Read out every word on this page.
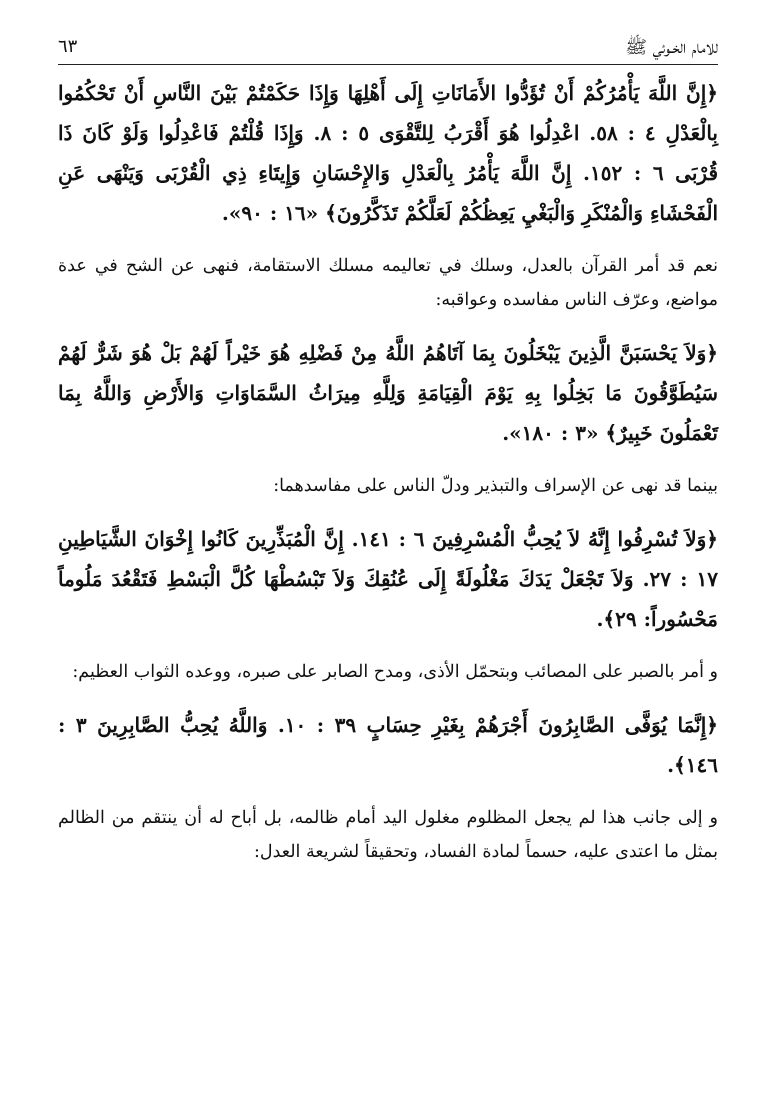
للامام الخـوئي ﷺ
٦٣

﴿إِنَّ اللَّهَ يَأْمُرُكُمْ أَنْ تُؤَدُّوا الأَمَانَاتِ إِلَى أَهْلِهَا وَإِذَا حَكَمْتُمْ بَيْنَ النَّاسِ أَنْ تَحْكُمُوا بِالْعَدْلِ ٤ : ٥٨. اعْدِلُوا هُوَ أَقْرَبُ لِلتَّقْوَى ٥ : ٨. وَإِذَا قُلْتُمْ فَاعْدِلُوا وَلَوْ كَانَ ذَا قُرْبَى ٦ : ١٥٢. إِنَّ اللَّهَ يَأْمُرُ بِالْعَدْلِ وَالإِحْسَانِ وَإِيتَاءِ ذِي الْقُرْبَى وَيَنْهَى عَنِ الْفَحْشَاءِ وَالْمُنْكَرِ وَالْبَغْيِ يَعِظُكُمْ لَعَلَّكُمْ تَذَكَّرُونَ﴾ «١٦ : ٩٠».

نعم قد أمر القرآن بالعدل، وسلك في تعاليمه مسلك الاستقامة، فنهى عن الشح في عدة مواضع، وعرّف الناس مفاسده وعواقبه:

﴿وَلاَ يَحْسَبَنَّ الَّذِينَ يَبْخَلُونَ بِمَا آتَاهُمُ اللَّهُ مِنْ فَضْلِهِ هُوَ خَيْراً لَهُمْ بَلْ هُوَ شَرٌّ لَهُمْ سَيُطَوَّقُونَ مَا بَخِلُوا بِهِ يَوْمَ الْقِيَامَةِ وَلِلَّهِ مِيرَاثُ السَّمَاوَاتِ وَالأَرْضِ وَاللَّهُ بِمَا تَعْمَلُونَ خَبِيرٌ﴾ «٣ : ١٨٠».

بينما قد نهى عن الإسراف والتبذير ودلّ الناس على مفاسدهما:

﴿وَلاَ تُسْرِفُوا إِنَّهُ لاَ يُحِبُّ الْمُسْرِفِينَ ٦ : ١٤١. إِنَّ الْمُبَذِّرِينَ كَانُوا إِخْوَانَ الشَّيَاطِينِ ١٧ : ٢٧. وَلاَ تَجْعَلْ يَدَكَ مَغْلُولَةً إِلَى عُنُقِكَ وَلاَ تَبْسُطْهَا كُلَّ الْبَسْطِ فَتَقْعُدَ مَلُوماً مَحْسُوراً: ٢٩﴾.

و أمر بالصبر على المصائب وبتحمّل الأذى، ومدح الصابر على صبره، ووعده الثواب العظيم:

﴿إِنَّمَا يُوَفَّى الصَّابِرُونَ أَجْرَهُمْ بِغَيْرِ حِسَابٍ ٣٩ : ١٠. وَاللَّهُ يُحِبُّ الصَّابِرِينَ ٣ : ١٤٦﴾.

و إلى جانب هذا لم يجعل المظلوم مغلول اليد أمام ظالمه، بل أباح له أن ينتقم من الظالم بمثل ما اعتدى عليه، حسماً لمادة الفساد، وتحقيقاً لشريعة العدل:
